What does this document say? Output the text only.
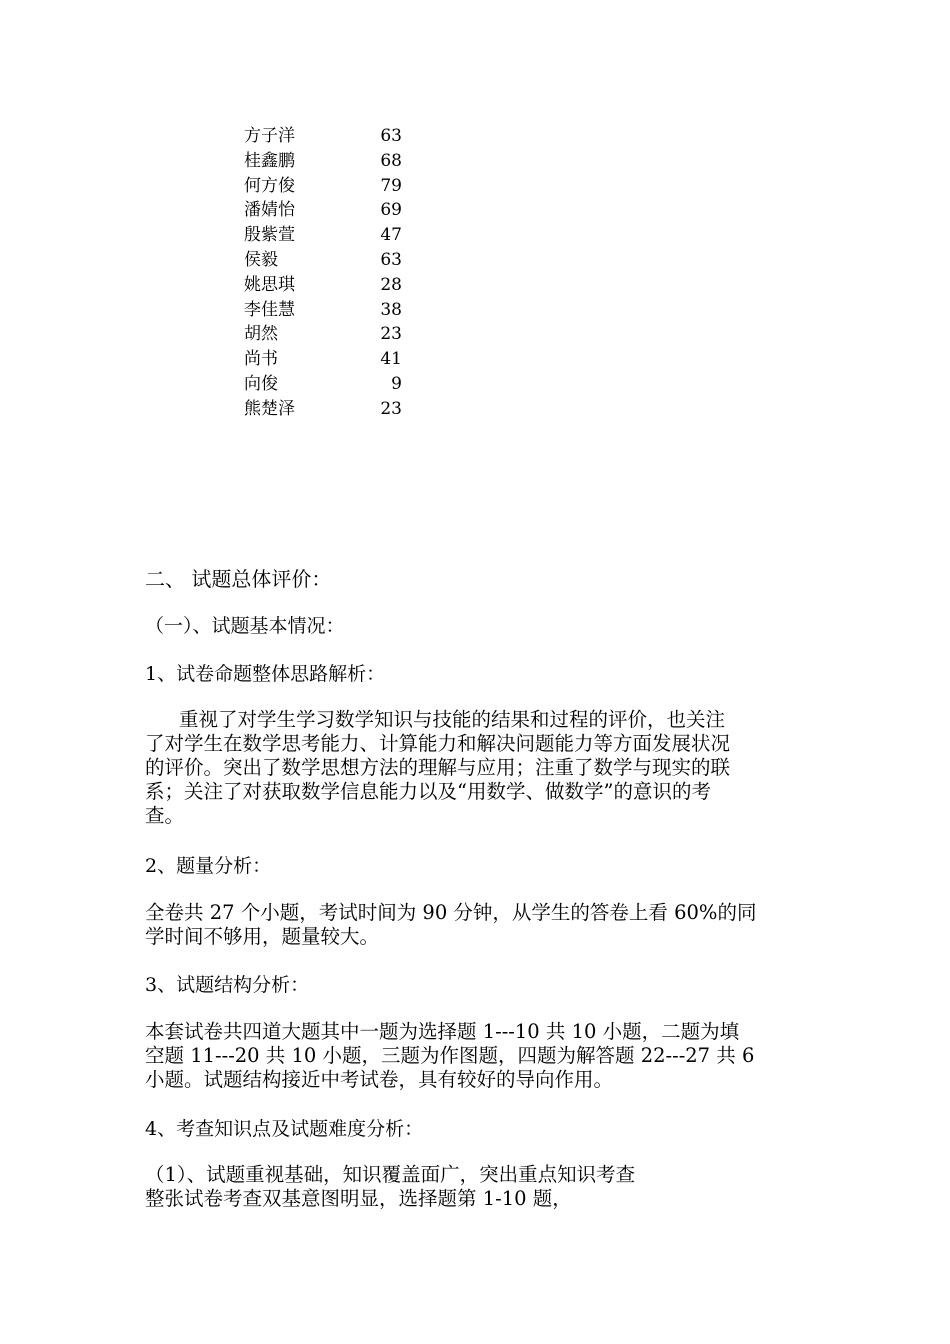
方子洋	63
桂鑫鹏	68
何方俊	79
潘婧怡	69
殷紫萱	47
侯毅	63
姚思琪	28
李佳慧	38
胡然	23
尚书	41
向俊	9
熊楚泽	23
二、 试题总体评价：
（一）、试题基本情况：
1、试卷命题整体思路解析：
重视了对学生学习数学知识与技能的结果和过程的评价，也关注
了对学生在数学思考能力、计算能力和解决问题能力等方面发展状况
的评价。突出了数学思想方法的理解与应用；注重了数学与现实的联
系；关注了对获取数学信息能力以及“用数学、做数学”的意识的考
查。
2、题量分析：
全卷共 27 个小题，考试时间为 90 分钟，从学生的答卷上看 60%的同
学时间不够用，题量较大。
3、试题结构分析：
本套试卷共四道大题其中一题为选择题 1---10 共 10 小题，二题为填
空题 11---20 共 10 小题，三题为作图题，四题为解答题 22---27 共 6
小题。试题结构接近中考试卷，具有较好的导向作用。
4、考查知识点及试题难度分析：
（1）、试题重视基础，知识覆盖面广，突出重点知识考查
整张试卷考查双基意图明显，选择题第 1-10 题，
